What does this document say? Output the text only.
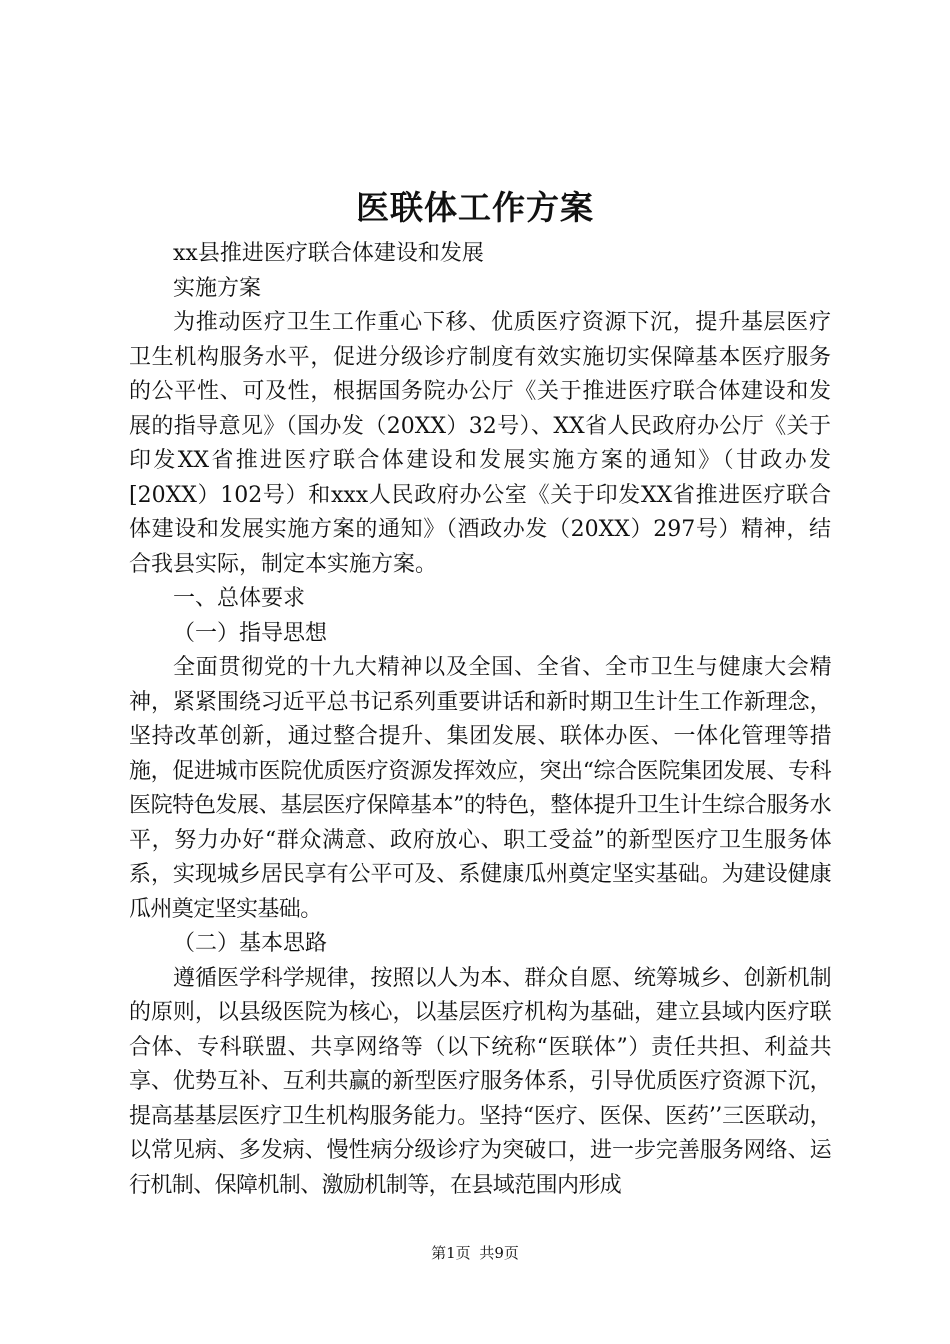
医联体工作方案

xx县推进医疗联合体建设和发展

实施方案

为推动医疗卫生工作重心下移、优质医疗资源下沉，提升基层医疗卫生机构服务水平，促进分级诊疗制度有效实施切实保障基本医疗服务的公平性、可及性，根据国务院办公厅《关于推进医疗联合体建设和发展的指导意见》（国办发（20XX）32号）、XX省人民政府办公厅《关于印发XX省推进医疗联合体建设和发展实施方案的通知》（甘政办发[20XX）102号）和xxx人民政府办公室《关于印发XX省推进医疗联合体建设和发展实施方案的通知》（酒政办发（20XX）297号）精神，结合我县实际，制定本实施方案。

一、总体要求

（一）指导思想

全面贯彻党的十九大精神以及全国、全省、全市卫生与健康大会精神，紧紧围绕习近平总书记系列重要讲话和新时期卫生计生工作新理念，坚持改革创新，通过整合提升、集团发展、联体办医、一体化管理等措施，促进城市医院优质医疗资源发挥效应，突出“综合医院集团发展、专科医院特色发展、基层医疗保障基本”的特色，整体提升卫生计生综合服务水平，努力办好“群众满意、政府放心、职工受益”的新型医疗卫生服务体系，实现城乡居民享有公平可及、系健康瓜州奠定坚实基础。为建设健康瓜州奠定坚实基础。

（二）基本思路

遵循医学科学规律，按照以人为本、群众自愿、统筹城乡、创新机制的原则，以县级医院为核心，以基层医疗机构为基础，建立县域内医疗联合体、专科联盟、共享网络等（以下统称“医联体”）责任共担、利益共享、优势互补、互利共赢的新型医疗服务体系，引导优质医疗资源下沉，提高基基层医疗卫生机构服务能力。坚持“医疗、医保、医药’’三医联动，以常见病、多发病、慢性病分级诊疗为突破口，进一步完善服务网络、运行机制、保障机制、激励机制等，在县域范围内形成

第1页 共9页
